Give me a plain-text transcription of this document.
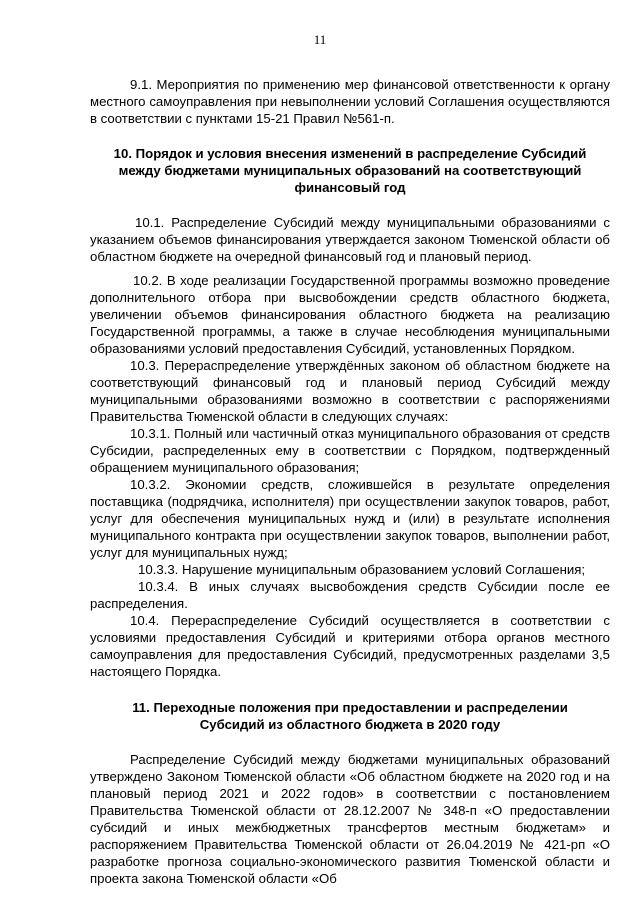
11

9.1. Мероприятия по применению мер финансовой ответственности к органу местного самоуправления при невыполнении условий Соглашения осуществляются в соответствии с пунктами 15-21 Правил №561-п.

10. Порядок и условия внесения изменений в распределение Субсидий между бюджетами муниципальных образований на соответствующий финансовый год

10.1. Распределение Субсидий между муниципальными образованиями с указанием объемов финансирования утверждается законом Тюменской области об областном бюджете на очередной финансовый год и плановый период.

10.2. В ходе реализации Государственной программы возможно проведение дополнительного отбора при высвобождении средств областного бюджета, увеличении объемов финансирования областного бюджета на реализацию Государственной программы, а также в случае несоблюдения муниципальными образованиями условий предоставления Субсидий, установленных Порядком.

10.3. Перераспределение утверждённых законом об областном бюджете на соответствующий финансовый год и плановый период Субсидий между муниципальными образованиями возможно в соответствии с распоряжениями Правительства Тюменской области в следующих случаях:

10.3.1. Полный или частичный отказ муниципального образования от средств Субсидии, распределенных ему в соответствии с Порядком, подтвержденный обращением муниципального образования;

10.3.2. Экономии средств, сложившейся в результате определения поставщика (подрядчика, исполнителя) при осуществлении закупок товаров, работ, услуг для обеспечения муниципальных нужд и (или) в результате исполнения муниципального контракта при осуществлении закупок товаров, выполнении работ, услуг для муниципальных нужд;

10.3.3. Нарушение муниципальным образованием условий Соглашения;

10.3.4. В иных случаях высвобождения средств Субсидии после ее распределения.

10.4. Перераспределение Субсидий осуществляется в соответствии с условиями предоставления Субсидий и критериями отбора органов местного самоуправления для предоставления Субсидий, предусмотренных разделами 3,5 настоящего Порядка.

11. Переходные положения при предоставлении и распределении Субсидий из областного бюджета в 2020 году

Распределение Субсидий между бюджетами муниципальных образований утверждено Законом Тюменской области «Об областном бюджете на 2020 год и на плановый период 2021 и 2022 годов» в соответствии с постановлением Правительства Тюменской области от 28.12.2007 № 348-п «О предоставлении субсидий и иных межбюджетных трансфертов местным бюджетам» и распоряжением Правительства Тюменской области от 26.04.2019 № 421-рп «О разработке прогноза социально-экономического развития Тюменской области и проекта закона Тюменской области «Об
